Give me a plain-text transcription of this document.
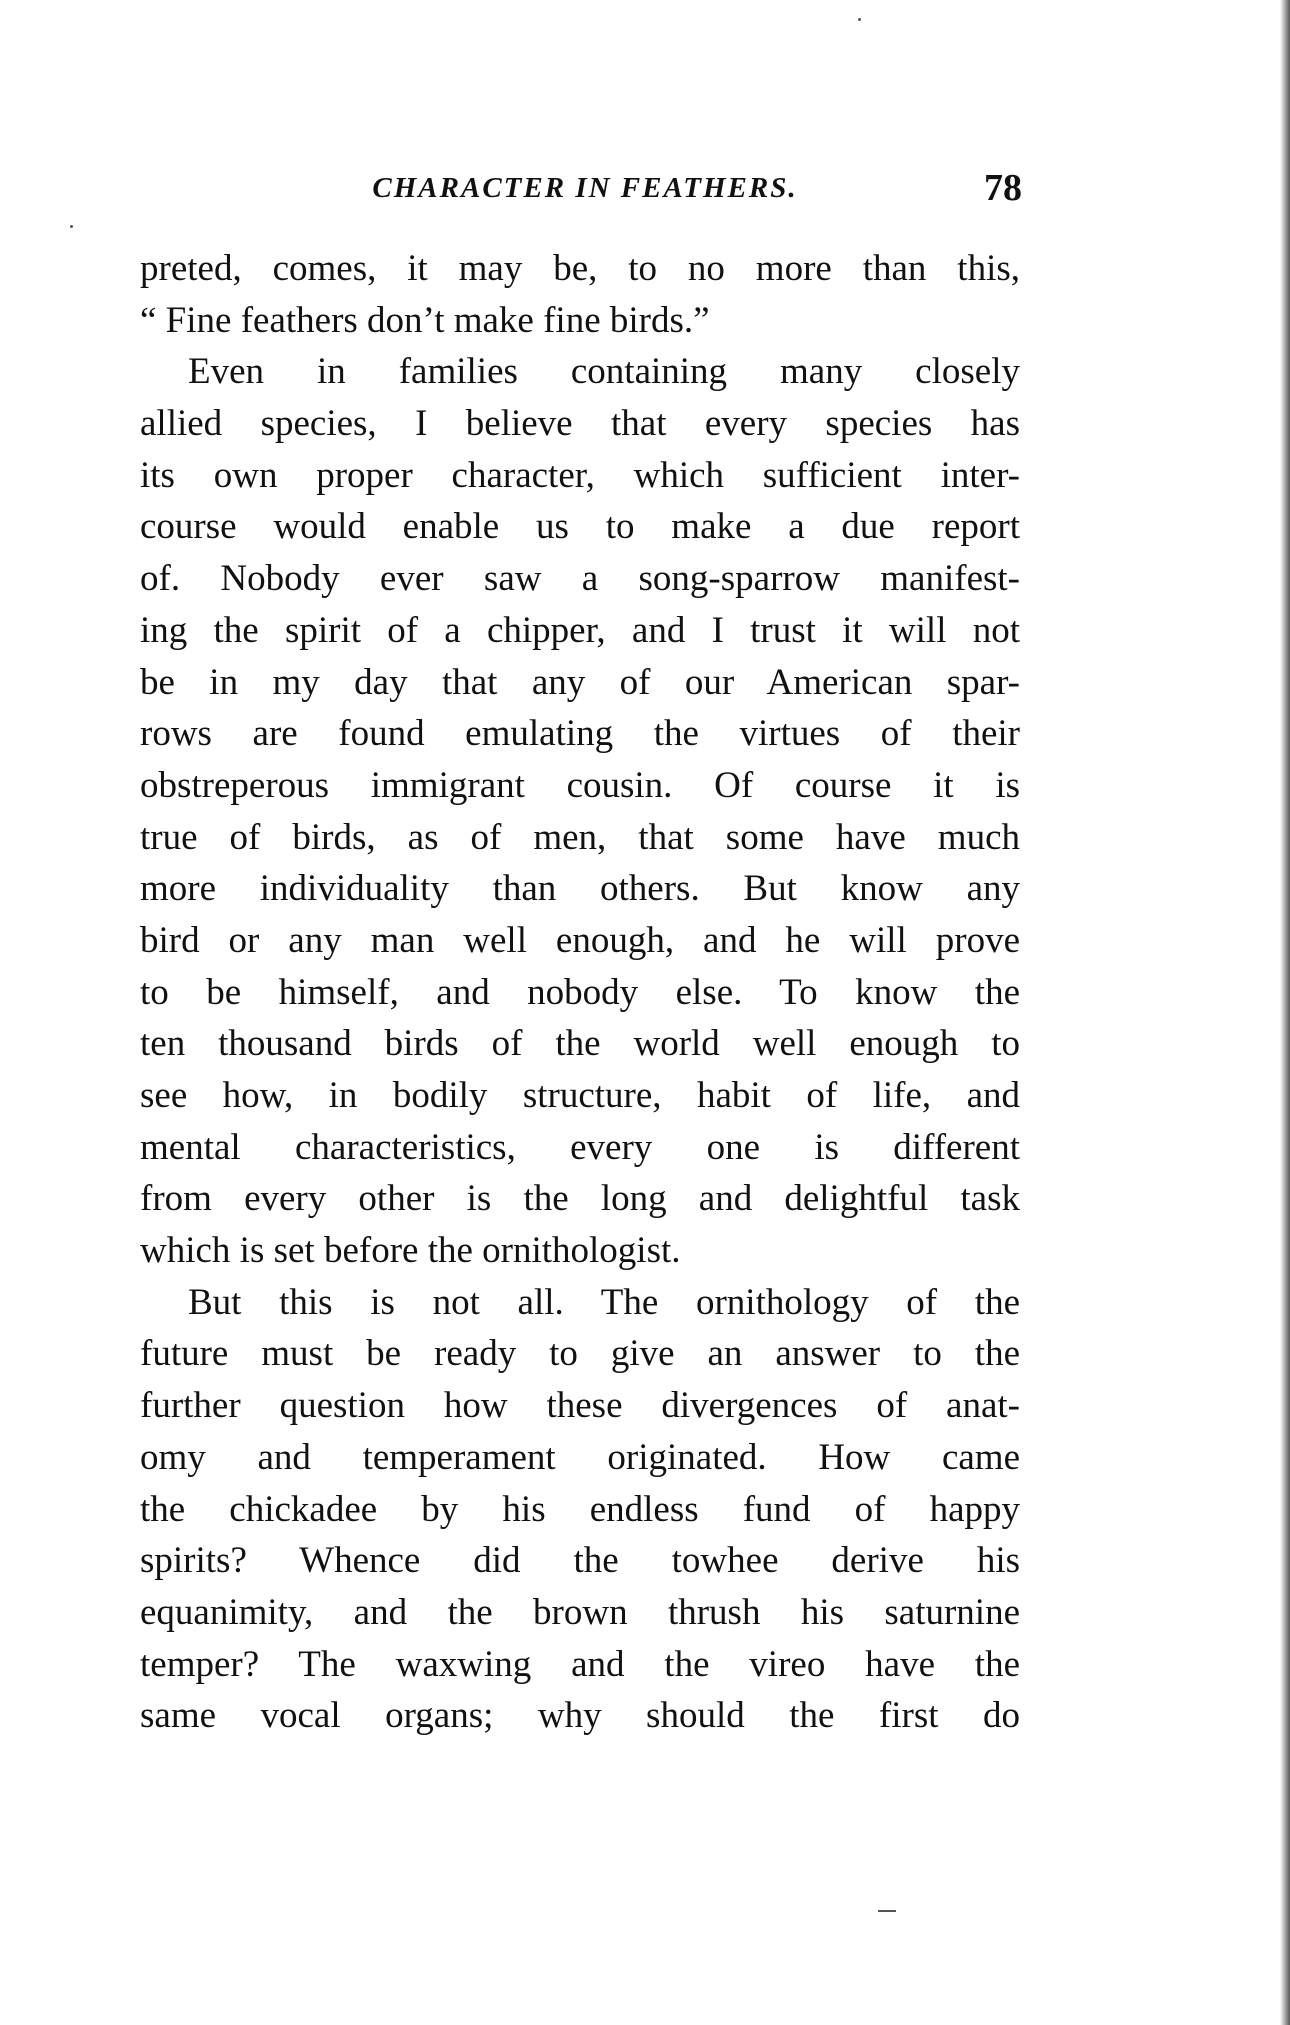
CHARACTER IN FEATHERS.	78
preted, comes, it may be, to no more than this,
“ Fine feathers don’t make fine birds.”
Even in families containing many closely
allied species, I believe that every species has
its own proper character, which sufficient inter-
course would enable us to make a due report
of. Nobody ever saw a song-sparrow manifest-
ing the spirit of a chipper, and I trust it will not
be in my day that any of our American spar-
rows are found emulating the virtues of their
obstreperous immigrant cousin. Of course it is
true of birds, as of men, that some have much
more individuality than others. But know any
bird or any man well enough, and he will prove
to be himself, and nobody else. To know the
ten thousand birds of the world well enough to
see how, in bodily structure, habit of life, and
mental characteristics, every one is different
from every other is the long and delightful task
which is set before the ornithologist.
But this is not all. The ornithology of the
future must be ready to give an answer to the
further question how these divergences of anat-
omy and temperament originated. How came
the chickadee by his endless fund of happy
spirits? Whence did the towhee derive his
equanimity, and the brown thrush his saturnine
temper? The waxwing and the vireo have the
same vocal organs; why should the first do
